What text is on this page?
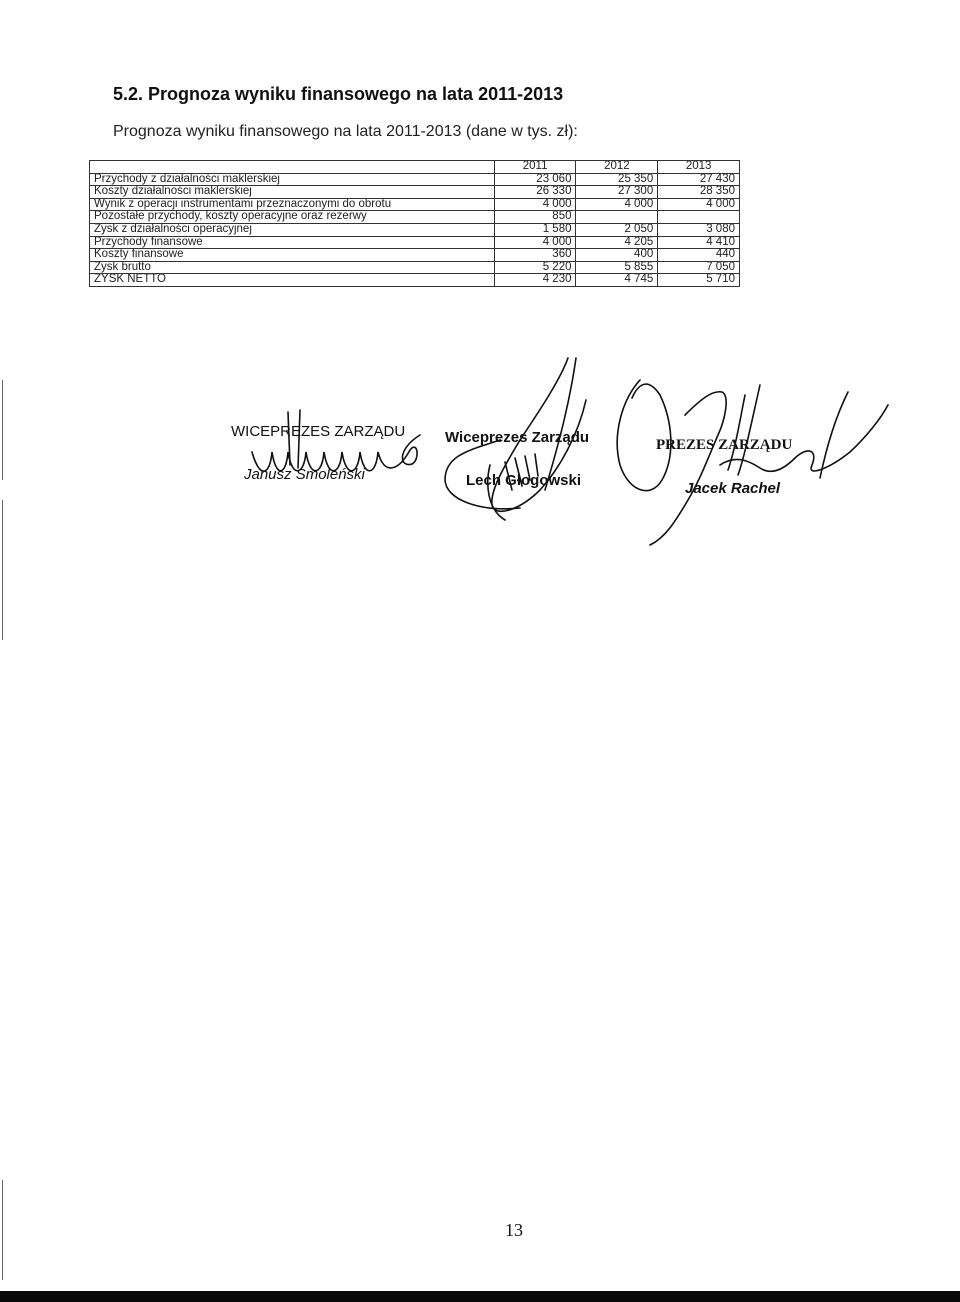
5.2. Prognoza wyniku finansowego na lata 2011-2013
Prognoza wyniku finansowego na lata 2011-2013 (dane w tys. zł):
	2011	2012	2013
Przychody z działalności maklerskiej	23 060	25 350	27 430
Koszty działalności maklerskiej	26 330	27 300	28 350
Wynik z operacji instrumentami przeznaczonymi do obrotu	4 000	4 000	4 000
Pozostałe przychody, koszty operacyjne oraz rezerwy	850		
Zysk z działalności operacyjnej	1 580	2 050	3 080
Przychody finansowe	4 000	4 205	4 410
Koszty finansowe	360	400	440
Zysk brutto	5 220	5 855	7 050
ZYSK NETTO	4 230	4 745	5 710
WICEPREZES ZARZĄDU
Janusz Smoleński
Wiceprezes Zarządu
Lech Głogowski
PREZES ZARZĄDU
Jacek Rachel
13
